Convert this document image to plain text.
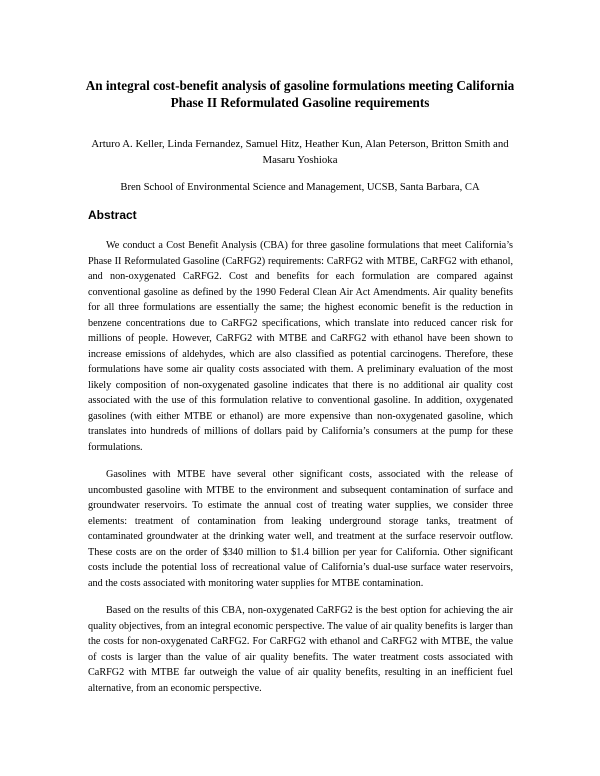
An integral cost-benefit analysis of gasoline formulations meeting California Phase II Reformulated Gasoline requirements
Arturo A. Keller, Linda Fernandez, Samuel Hitz, Heather Kun, Alan Peterson, Britton Smith and Masaru Yoshioka
Bren School of Environmental Science and Management, UCSB, Santa Barbara, CA
Abstract

We conduct a Cost Benefit Analysis (CBA) for three gasoline formulations that meet California’s Phase II Reformulated Gasoline (CaRFG2) requirements: CaRFG2 with MTBE, CaRFG2 with ethanol, and non-oxygenated CaRFG2. Cost and benefits for each formulation are compared against conventional gasoline as defined by the 1990 Federal Clean Air Act Amendments. Air quality benefits for all three formulations are essentially the same; the highest economic benefit is the reduction in benzene concentrations due to CaRFG2 specifications, which translate into reduced cancer risk for millions of people. However, CaRFG2 with MTBE and CaRFG2 with ethanol have been shown to increase emissions of aldehydes, which are also classified as potential carcinogens. Therefore, these formulations have some air quality costs associated with them. A preliminary evaluation of the most likely composition of non-oxygenated gasoline indicates that there is no additional air quality cost associated with the use of this formulation relative to conventional gasoline. In addition, oxygenated gasolines (with either MTBE or ethanol) are more expensive than non-oxygenated gasoline, which translates into hundreds of millions of dollars paid by California’s consumers at the pump for these formulations.

Gasolines with MTBE have several other significant costs, associated with the release of uncombusted gasoline with MTBE to the environment and subsequent contamination of surface and groundwater reservoirs. To estimate the annual cost of treating water supplies, we consider three elements: treatment of contamination from leaking underground storage tanks, treatment of contaminated groundwater at the drinking water well, and treatment at the surface reservoir outflow. These costs are on the order of $340 million to $1.4 billion per year for California. Other significant costs include the potential loss of recreational value of California’s dual-use surface water reservoirs, and the costs associated with monitoring water supplies for MTBE contamination.

Based on the results of this CBA, non-oxygenated CaRFG2 is the best option for achieving the air quality objectives, from an integral economic perspective. The value of air quality benefits is larger than the costs for non-oxygenated CaRFG2. For CaRFG2 with ethanol and CaRFG2 with MTBE, the value of costs is larger than the value of air quality benefits. The water treatment costs associated with CaRFG2 with MTBE far outweigh the value of air quality benefits, resulting in an inefficient fuel alternative, from an economic perspective.
